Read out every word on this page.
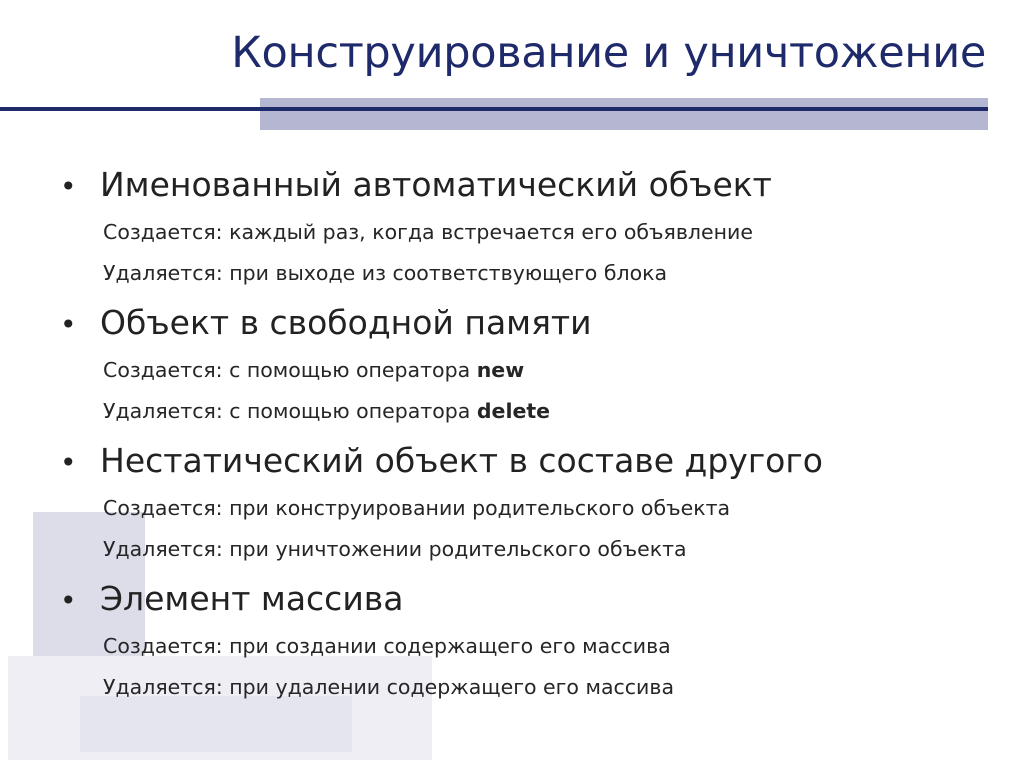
Конструирование и уничтожение
• Именованный автоматический объект
Создается: каждый раз, когда встречается его объявление
Удаляется: при выходе из соответствующего блока
• Объект в свободной памяти
Создается: с помощью оператора new
Удаляется: с помощью оператора delete
• Нестатический объект в составе другого
Создается: при конструировании родительского объекта
Удаляется: при уничтожении родительского объекта
• Элемент массива
Создается: при создании содержащего его массива
Удаляется: при удалении содержащего его массива
